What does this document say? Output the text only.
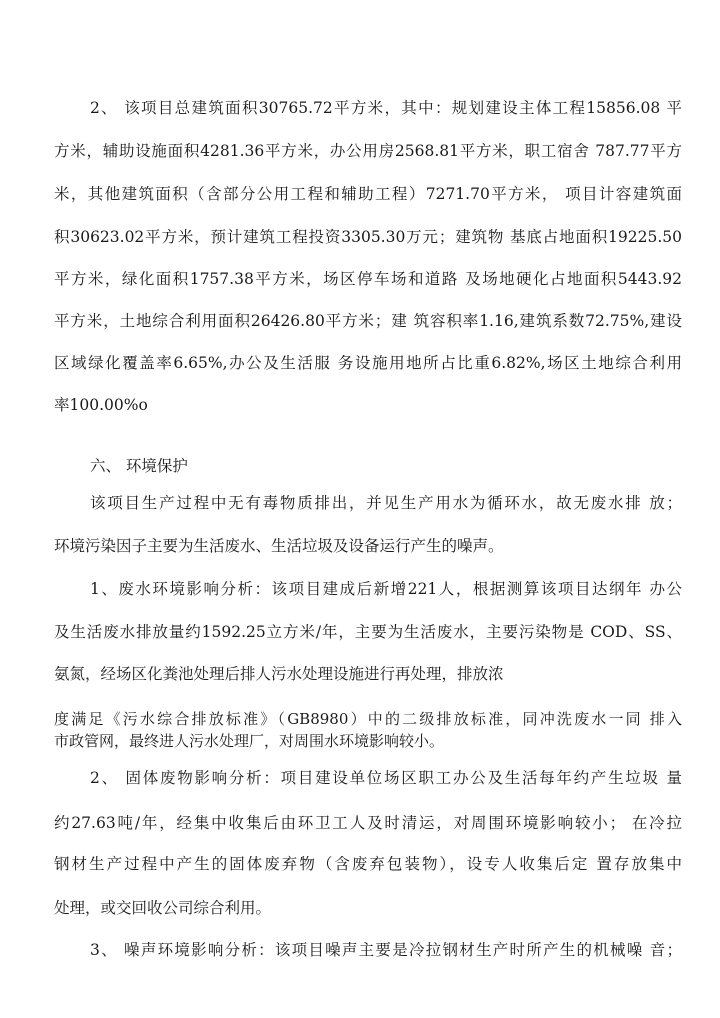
2、 该项目总建筑面积30765.72平方米，其中：规划建设主体工程15856.08 平
方米，辅助设施面积4281.36平方米，办公用房2568.81平方米，职工宿舍 787.77平方
米，其他建筑面积（含部分公用工程和辅助工程）7271.70平方米， 项目计容建筑面
积30623.02平方米，预计建筑工程投资3305.30万元；建筑物 基底占地面积19225.50
平方米，绿化面积1757.38平方米，场区停车场和道路 及场地硬化占地面积5443.92
平方米，土地综合利用面积26426.80平方米；建 筑容积率1.16,建筑系数72.75%,建设
区域绿化覆盖率6.65%,办公及生活服 务设施用地所占比重6.82%,场区土地综合利用
率100.00%o
六、 环境保护
该项目生产过程中无有毒物质排出，并见生产用水为循环水，故无废水排 放；
环境污染因子主要为生活废水、生活垃圾及设备运行产生的噪声。
1、废水环境影响分析：该项目建成后新增221人，根据测算该项目达纲年 办公
及生活废水排放量约1592.25立方米/年，主要为生活废水，主要污染物是 COD、SS、
氨氮，经场区化粪池处理后排人污水处理设施进行再处理，排放浓
度满足《污水综合排放标准》（GB8980）中的二级排放标准，同冲洗废水一同 排入
市政管网，最终进人污水处理厂，对周围水环境影响较小。
2、 固体废物影响分析：项目建设单位场区职工办公及生活每年约产生垃圾 量
约27.63吨/年，经集中收集后由环卫工人及时清运，对周围环境影响较小； 在冷拉
钢材生产过程中产生的固体废弃物（含废弃包装物），设专人收集后定 置存放集中
处理，或交回收公司综合利用。
3、 噪声环境影响分析：该项目噪声主要是冷拉钢材生产时所产生的机械噪 音；
